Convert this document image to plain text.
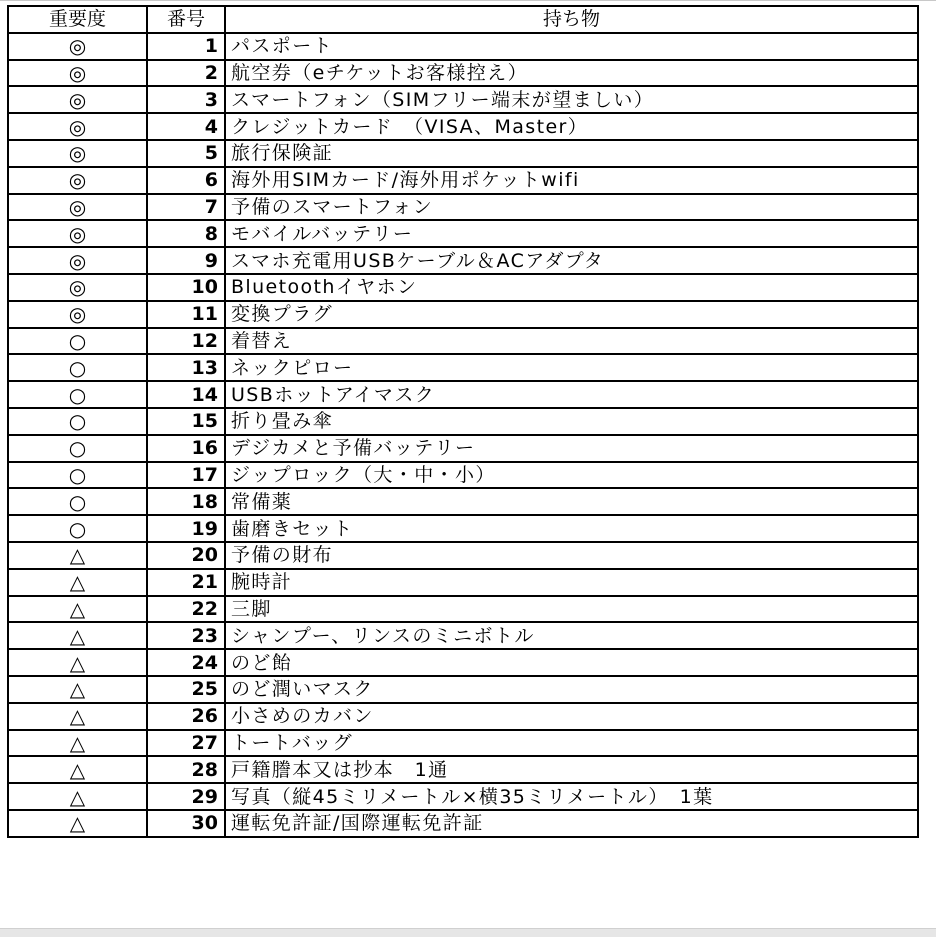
重要度	番号	持ち物
◎	1	パスポート
◎	2	航空券（eチケットお客様控え）
◎	3	スマートフォン（SIMフリー端末が望ましい）
◎	4	クレジットカード　（VISA、Master）
◎	5	旅行保険証
◎	6	海外用SIMカード/海外用ポケットwifi
◎	7	予備のスマートフォン
◎	8	モバイルバッテリー
◎	9	スマホ充電用USBケーブル＆ACアダプタ
◎	10	Bluetoothイヤホン
◎	11	変換プラグ
○	12	着替え
○	13	ネックピロー
○	14	USBホットアイマスク
○	15	折り畳み傘
○	16	デジカメと予備バッテリー
○	17	ジップロック（大・中・小）
○	18	常備薬
○	19	歯磨きセット
△	20	予備の財布
△	21	腕時計
△	22	三脚
△	23	シャンプー、リンスのミニボトル
△	24	のど飴
△	25	のど潤いマスク
△	26	小さめのカバン
△	27	トートバッグ
△	28	戸籍謄本又は抄本　1通
△	29	写真（縦45ミリメートル×横35ミリメートル）　1葉
△	30	運転免許証/国際運転免許証
